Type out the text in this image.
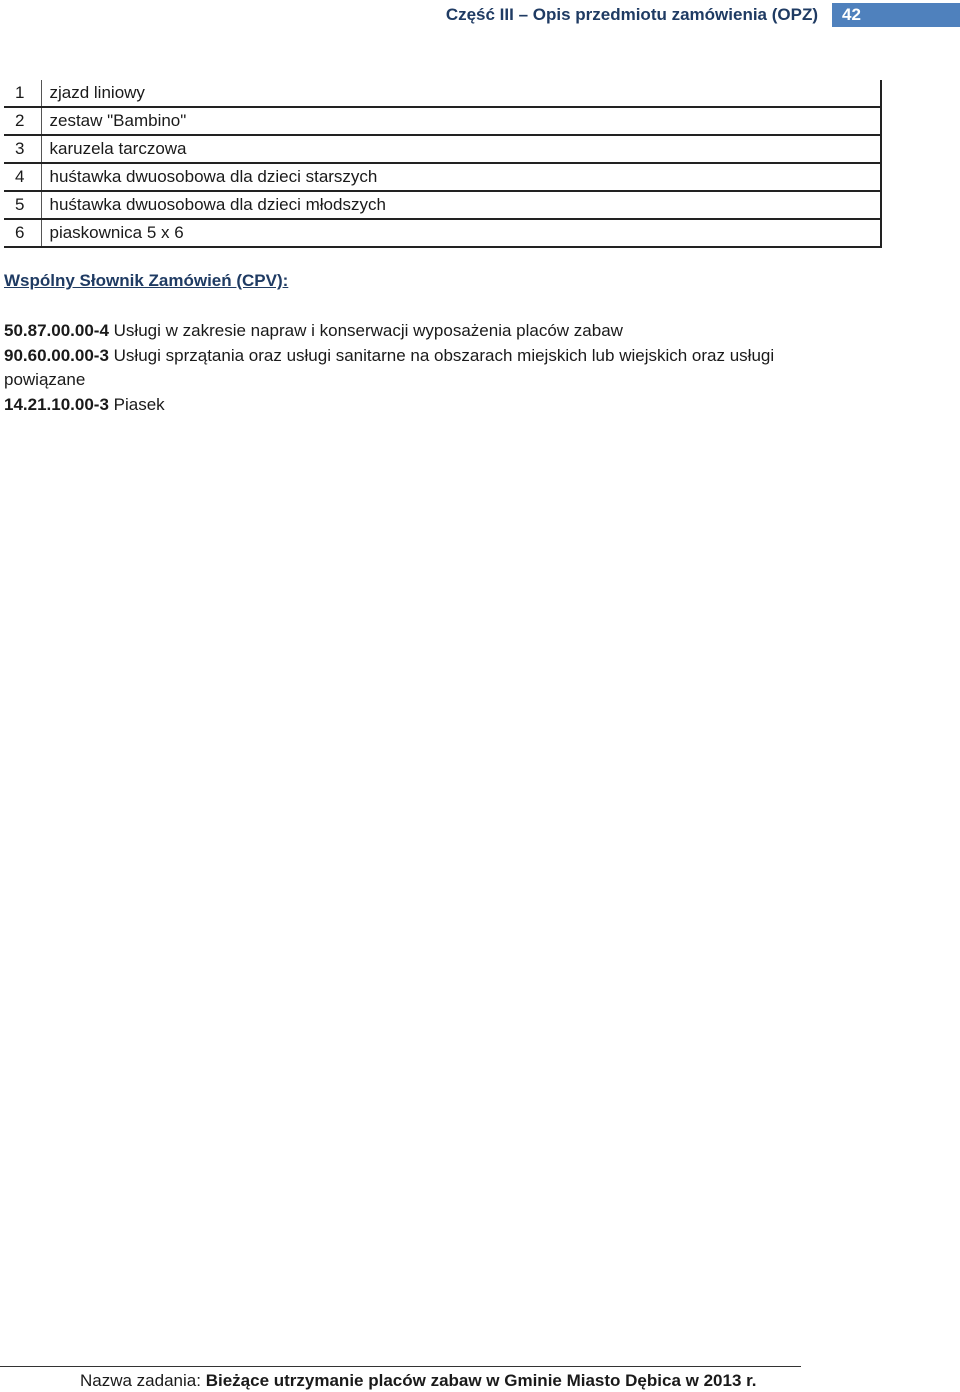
Część III – Opis przedmiotu zamówienia (OPZ)	42
1	zjazd liniowy
2	zestaw "Bambino"
3	karuzela tarczowa
4	huśtawka dwuosobowa dla dzieci starszych
5	huśtawka dwuosobowa dla dzieci młodszych
6	piaskownica 5 x 6
Wspólny Słownik Zamówień (CPV):
50.87.00.00-4 Usługi w zakresie napraw i konserwacji wyposażenia placów zabaw
90.60.00.00-3 Usługi sprzątania oraz usługi sanitarne na obszarach miejskich lub wiejskich oraz usługi powiązane
14.21.10.00-3 Piasek
Nazwa zadania: Bieżące utrzymanie placów zabaw w Gminie Miasto Dębica w 2013 r.
